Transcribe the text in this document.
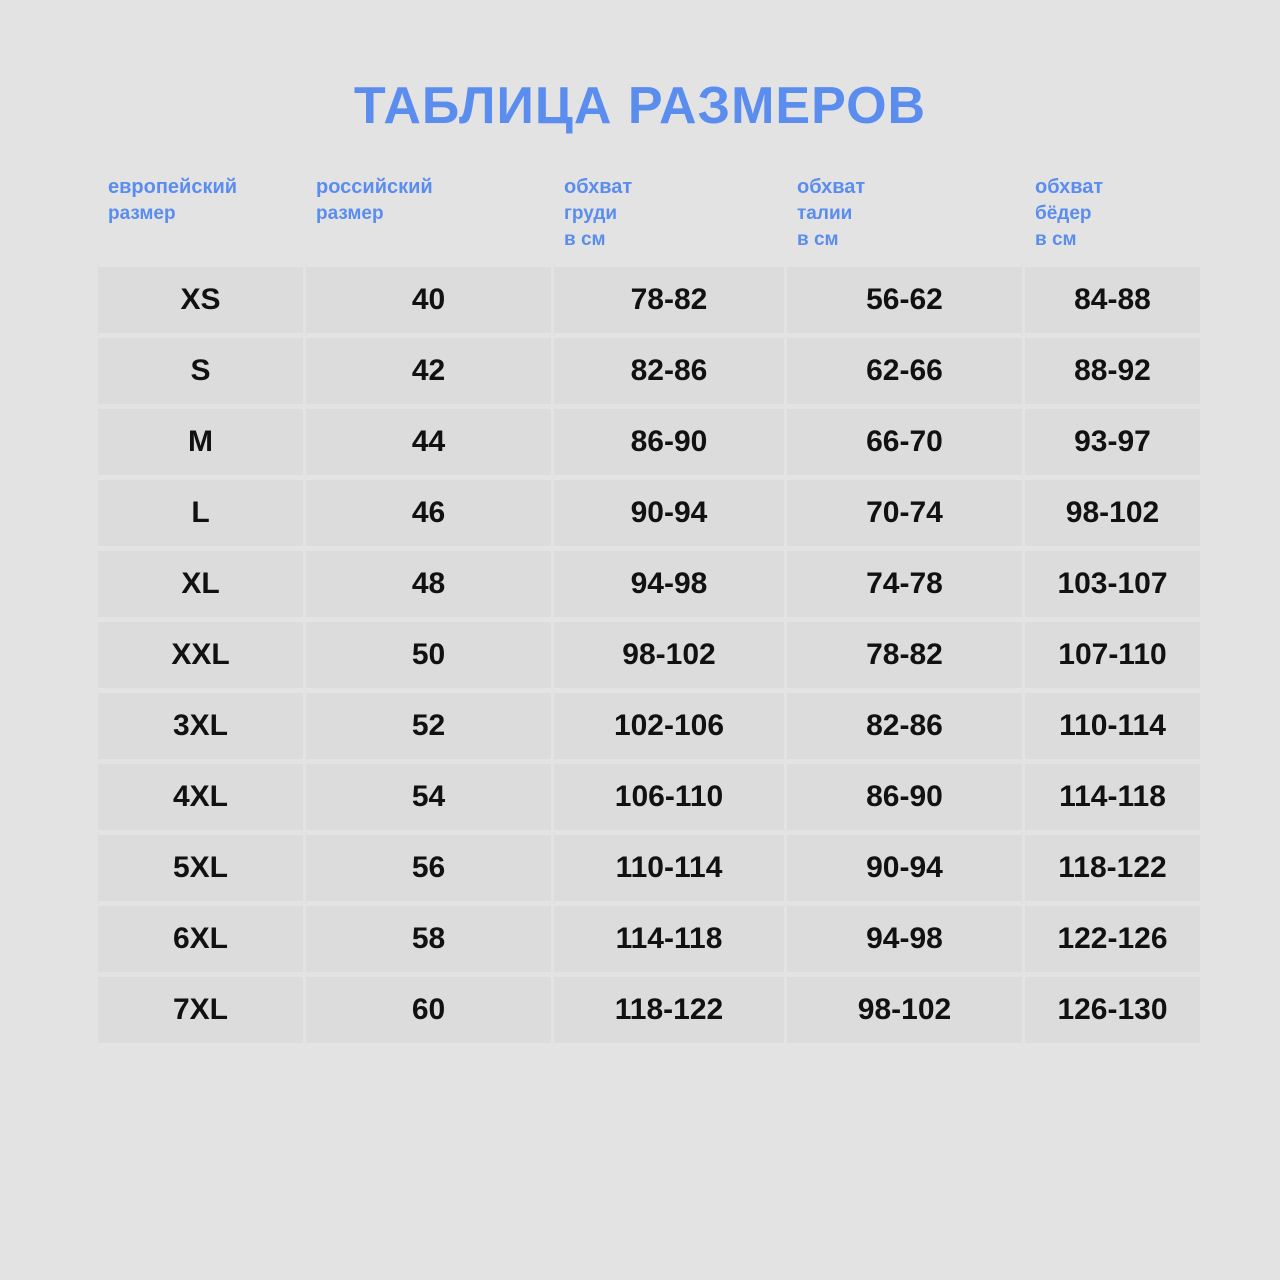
ТАБЛИЦА РАЗМЕРОВ
европейский
размер	российский
размер	обхват
груди
в см	обхват
талии
в см	обхват
бёдер
в см

XS	40	78-82	56-62	84-88
S	42	82-86	62-66	88-92
M	44	86-90	66-70	93-97
L	46	90-94	70-74	98-102
XL	48	94-98	74-78	103-107
XXL	50	98-102	78-82	107-110
3XL	52	102-106	82-86	110-114
4XL	54	106-110	86-90	114-118
5XL	56	110-114	90-94	118-122
6XL	58	114-118	94-98	122-126
7XL	60	118-122	98-102	126-130
